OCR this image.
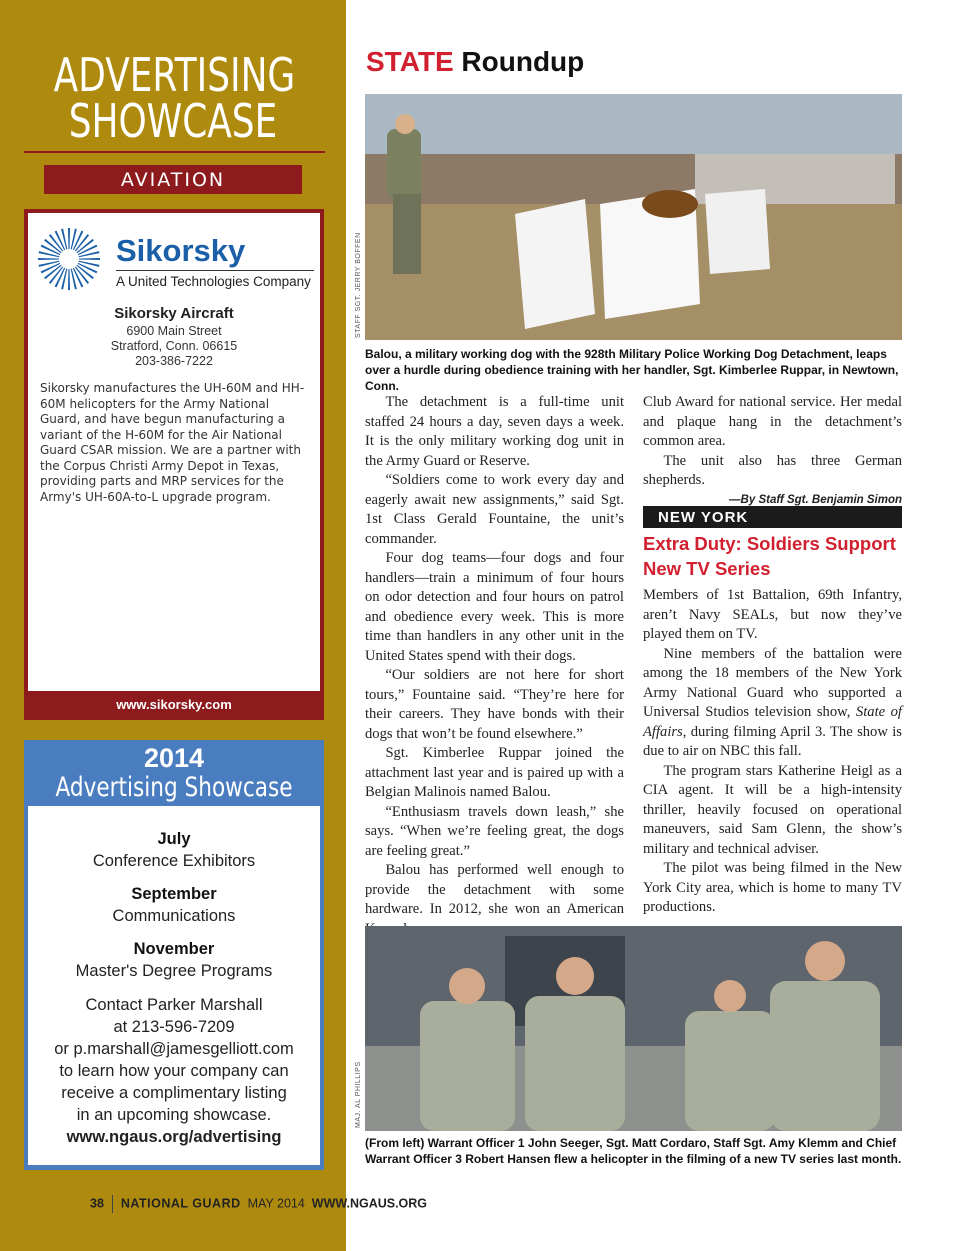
ADVERTISING
SHOWCASE
AVIATION
Sikorsky
A United Technologies Company
Sikorsky Aircraft
6900 Main Street
Stratford, Conn. 06615
203-386-7222
Sikorsky manufactures the UH-60M and HH-60M helicopters for the Army National Guard, and have begun manufacturing a variant of the H-60M for the Air National Guard CSAR mission. We are a partner with the Corpus Christi Army Depot in Texas, providing parts and MRP services for the Army's UH-60A-to-L upgrade program.
www.sikorsky.com
2014
Advertising Showcase
July
Conference Exhibitors
September
Communications
November
Master's Degree Programs
Contact Parker Marshall
at 213-596-7209
or p.marshall@jamesgelliott.com
to learn how your company can
receive a complimentary listing
in an upcoming showcase.
www.ngaus.org/advertising
38 NATIONAL GUARD MAY 2014 WWW.NGAUS.ORG
STATE Roundup
STAFF SGT. JERRY BOFFEN
Balou, a military working dog with the 928th Military Police Working Dog Detachment, leaps over a hurdle during obedience training with her handler, Sgt. Kimberlee Ruppar, in Newtown, Conn.

The detachment is a full-time unit staffed 24 hours a day, seven days a week. It is the only military working dog unit in the Army Guard or Reserve.

“Soldiers come to work every day and eagerly await new assignments,” said Sgt. 1st Class Gerald Fountaine, the unit’s commander.

Four dog teams—four dogs and four handlers—train a minimum of four hours on odor detection and four hours on patrol and obedience every week. This is more time than handlers in any other unit in the United States spend with their dogs.

“Our soldiers are not here for short tours,” Fountaine said. “They’re here for their careers. They have bonds with their dogs that won’t be found elsewhere.”

Sgt. Kimberlee Ruppar joined the attachment last year and is paired up with a Belgian Malinois named Balou.

“Enthusiasm travels down leash,” she says. “When we’re feeling great, the dogs are feeling great.”

Balou has performed well enough to provide the detachment with some hardware. In 2012, she won an American

Club Award for national service. Her medal and plaque hang in the detachment’s common area.

The unit also has three German shepherds.

—By Staff Sgt. Benjamin Simon
NEW YORK
Extra Duty: Soldiers Support New TV Series

Members of 1st Battalion, 69th Infantry, aren’t Navy SEALs, but now they’ve played them on TV.

Nine members of the battalion were among the 18 members of the New York Army National Guard who supported a Universal Studios television show, State of Affairs, during filming April 3. The show is due to air on NBC this fall.

The program stars Katherine Heigl as a CIA agent. It will be a high-intensity thriller, heavily focused on operational maneuvers, said Sam Glenn, the show’s military and technical adviser.

The pilot was being filmed in the New York City area, which is home to many TV productions.

MAJ. AL PHILLIPS
(From left) Warrant Officer 1 John Seeger, Sgt. Matt Cordaro, Staff Sgt. Amy Klemm and Chief Warrant Officer 3 Robert Hansen flew a helicopter in the filming of a new TV series last month.
